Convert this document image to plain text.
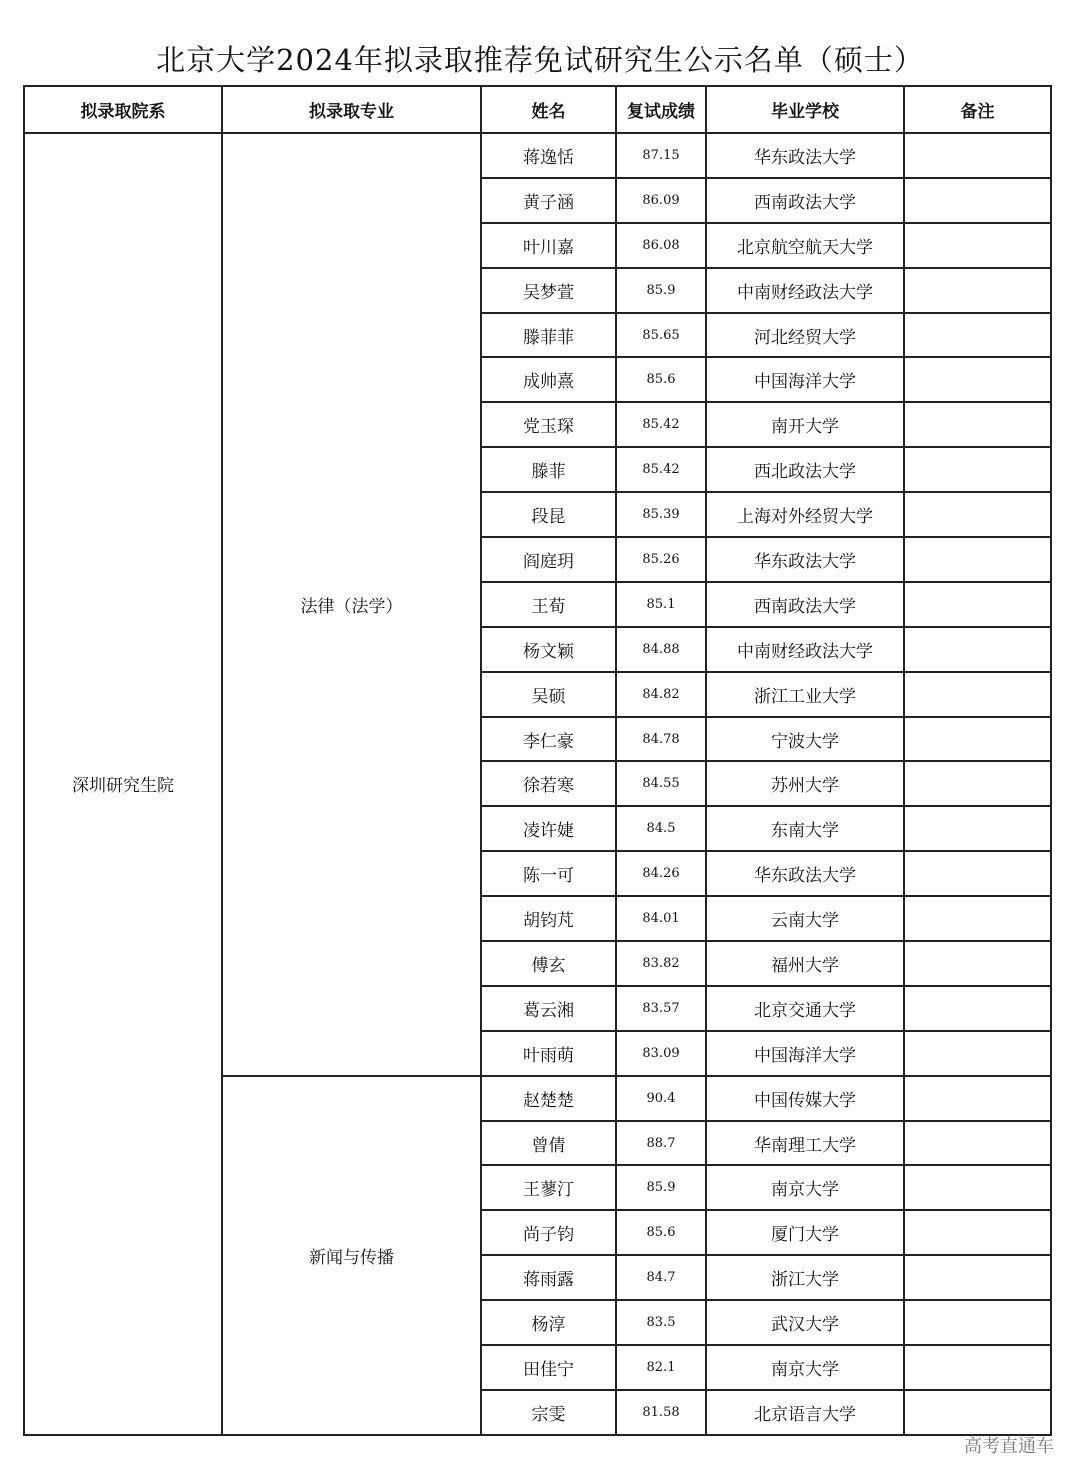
北京大学2024年拟录取推荐免试研究生公示名单（硕士）
拟录取院系	拟录取专业	姓名	复试成绩	毕业学校	备注
深圳研究生院	法律（法学）	蒋逸恬	87.15	华东政法大学	
		黄子涵	86.09	西南政法大学	
		叶川嘉	86.08	北京航空航天大学	
		吴梦萱	85.9	中南财经政法大学	
		滕菲菲	85.65	河北经贸大学	
		成帅熹	85.6	中国海洋大学	
		党玉琛	85.42	南开大学	
		滕菲	85.42	西北政法大学	
		段昆	85.39	上海对外经贸大学	
		阎庭玥	85.26	华东政法大学	
		王荀	85.1	西南政法大学	
		杨文颖	84.88	中南财经政法大学	
		吴硕	84.82	浙江工业大学	
		李仁豪	84.78	宁波大学	
		徐若寒	84.55	苏州大学	
		凌许婕	84.5	东南大学	
		陈一可	84.26	华东政法大学	
		胡钧芃	84.01	云南大学	
		傅玄	83.82	福州大学	
		葛云湘	83.57	北京交通大学	
		叶雨萌	83.09	中国海洋大学	
	新闻与传播	赵楚楚	90.4	中国传媒大学	
		曾倩	88.7	华南理工大学	
		王蓼汀	85.9	南京大学	
		尚子钧	85.6	厦门大学	
		蒋雨露	84.7	浙江大学	
		杨淳	83.5	武汉大学	
		田佳宁	82.1	南京大学	
		宗雯	81.58	北京语言大学	
高考直通车
